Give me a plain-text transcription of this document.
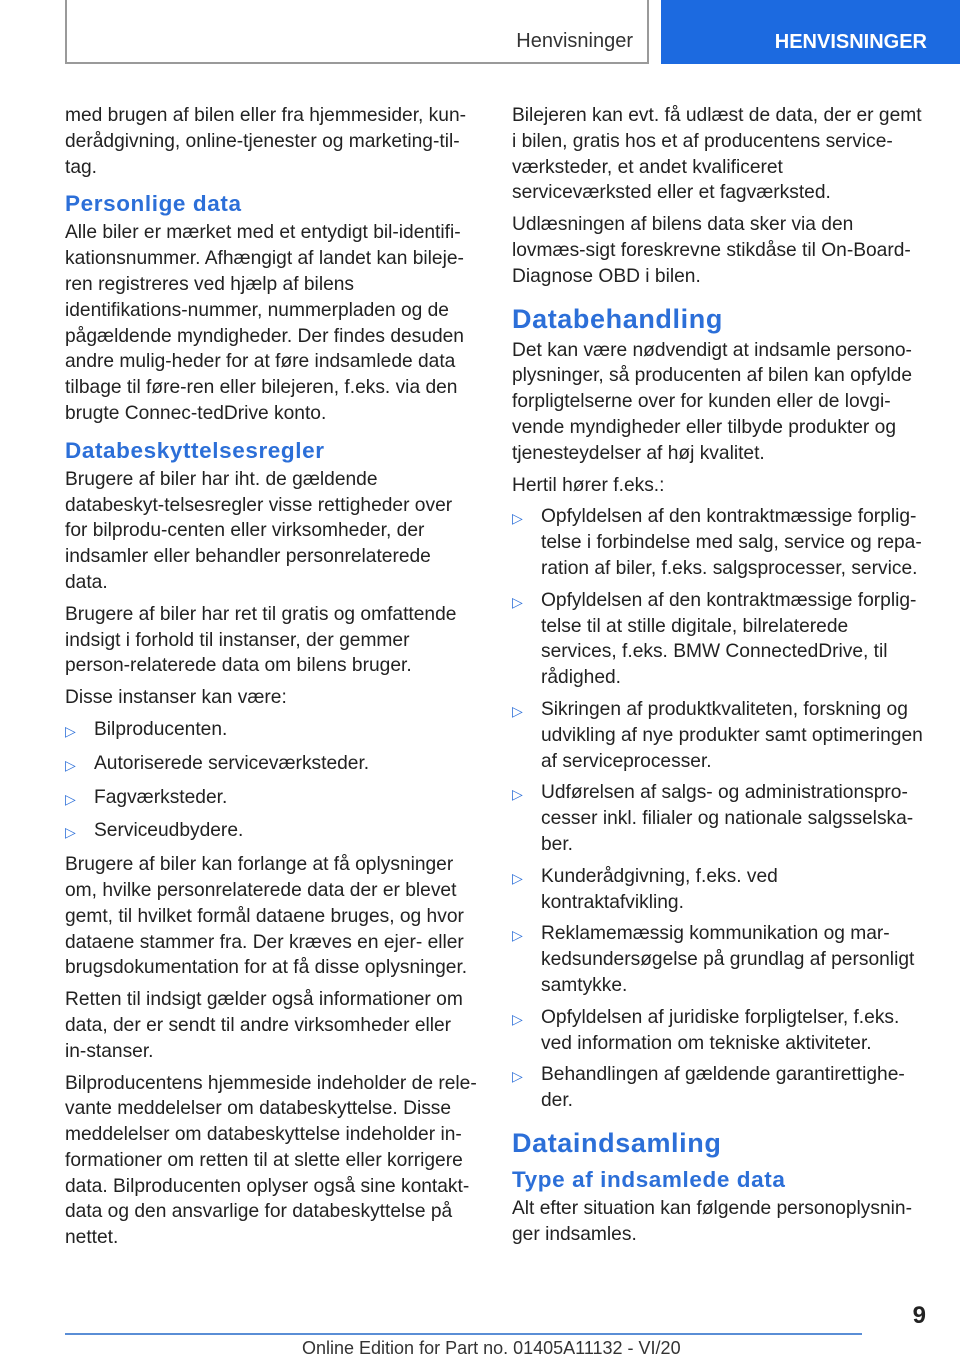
Henvisninger	HENVISNINGER

med brugen af bilen eller fra hjemmesider, kun-derådgivning, online-tjenester og marketing-til-tag.

Personlige data

Alle biler er mærket med et entydigt bil-identifi-kationsnummer. Afhængigt af landet kan bileje-ren registreres ved hjælp af bilens identifikations-nummer, nummerpladen og de pågældende myndigheder. Der findes desuden andre mulig-heder for at føre indsamlede data tilbage til føre-ren eller bilejeren, f.eks. via den brugte Connec-tedDrive konto.

Databeskyttelsesregler

Brugere af biler har iht. de gældende databeskyt-telsesregler visse rettigheder over for bilprodu-centen eller virksomheder, der indsamler eller behandler personrelaterede data.

Brugere af biler har ret til gratis og omfattende indsigt i forhold til instanser, der gemmer person-relaterede data om bilens bruger.

Disse instanser kan være:

▷ Bilproducenten.
▷ Autoriserede serviceværksteder.
▷ Fagværksteder.
▷ Serviceudbydere.

Brugere af biler kan forlange at få oplysninger om, hvilke personrelaterede data der er blevet gemt, til hvilket formål dataene bruges, og hvor dataene stammer fra. Der kræves en ejer- eller brugsdokumentation for at få disse oplysninger.

Retten til indsigt gælder også informationer om data, der er sendt til andre virksomheder eller in-stanser.

Bilproducentens hjemmeside indeholder de rele-vante meddelelser om databeskyttelse. Disse meddelelser om databeskyttelse indeholder in-formationer om retten til at slette eller korrigere data. Bilproducenten oplyser også sine kontakt-data og den ansvarlige for databeskyttelse på nettet.

Bilejeren kan evt. få udlæst de data, der er gemt i bilen, gratis hos et af producentens service-værksteder, et andet kvalificeret serviceværksted eller et fagværksted.

Udlæsningen af bilens data sker via den lovmæs-sigt foreskrevne stikdåse til On-Board-Diagnose OBD i bilen.

Databehandling

Det kan være nødvendigt at indsamle persono-plysninger, så producenten af bilen kan opfylde forpligtelserne over for kunden eller de lovgi-vende myndigheder eller tilbyde produkter og tjenesteydelser af høj kvalitet.

Hertil hører f.eks.:

▷ Opfyldelsen af den kontraktmæssige forplig-telse i forbindelse med salg, service og repa-ration af biler, f.eks. salgsprocesser, service.
▷ Opfyldelsen af den kontraktmæssige forplig-telse til at stille digitale, bilrelaterede services, f.eks. BMW ConnectedDrive, til rådighed.
▷ Sikringen af produktkvaliteten, forskning og udvikling af nye produkter samt optimeringen af serviceprocesser.
▷ Udførelsen af salgs- og administrationspro-cesser inkl. filialer og nationale salgsselska-ber.
▷ Kunderådgivning, f.eks. ved kontraktafvikling.
▷ Reklamemæssig kommunikation og mar-kedsundersøgelse på grundlag af personligt samtykke.
▷ Opfyldelsen af juridiske forpligtelser, f.eks. ved information om tekniske aktiviteter.
▷ Behandlingen af gældende garantirettighe-der.
Dataindsamling
Type af indsamlede data

Alt efter situation kan følgende personoplysnin-ger indsamles.

9
Online Edition for Part no. 01405A11132 - VI/20
